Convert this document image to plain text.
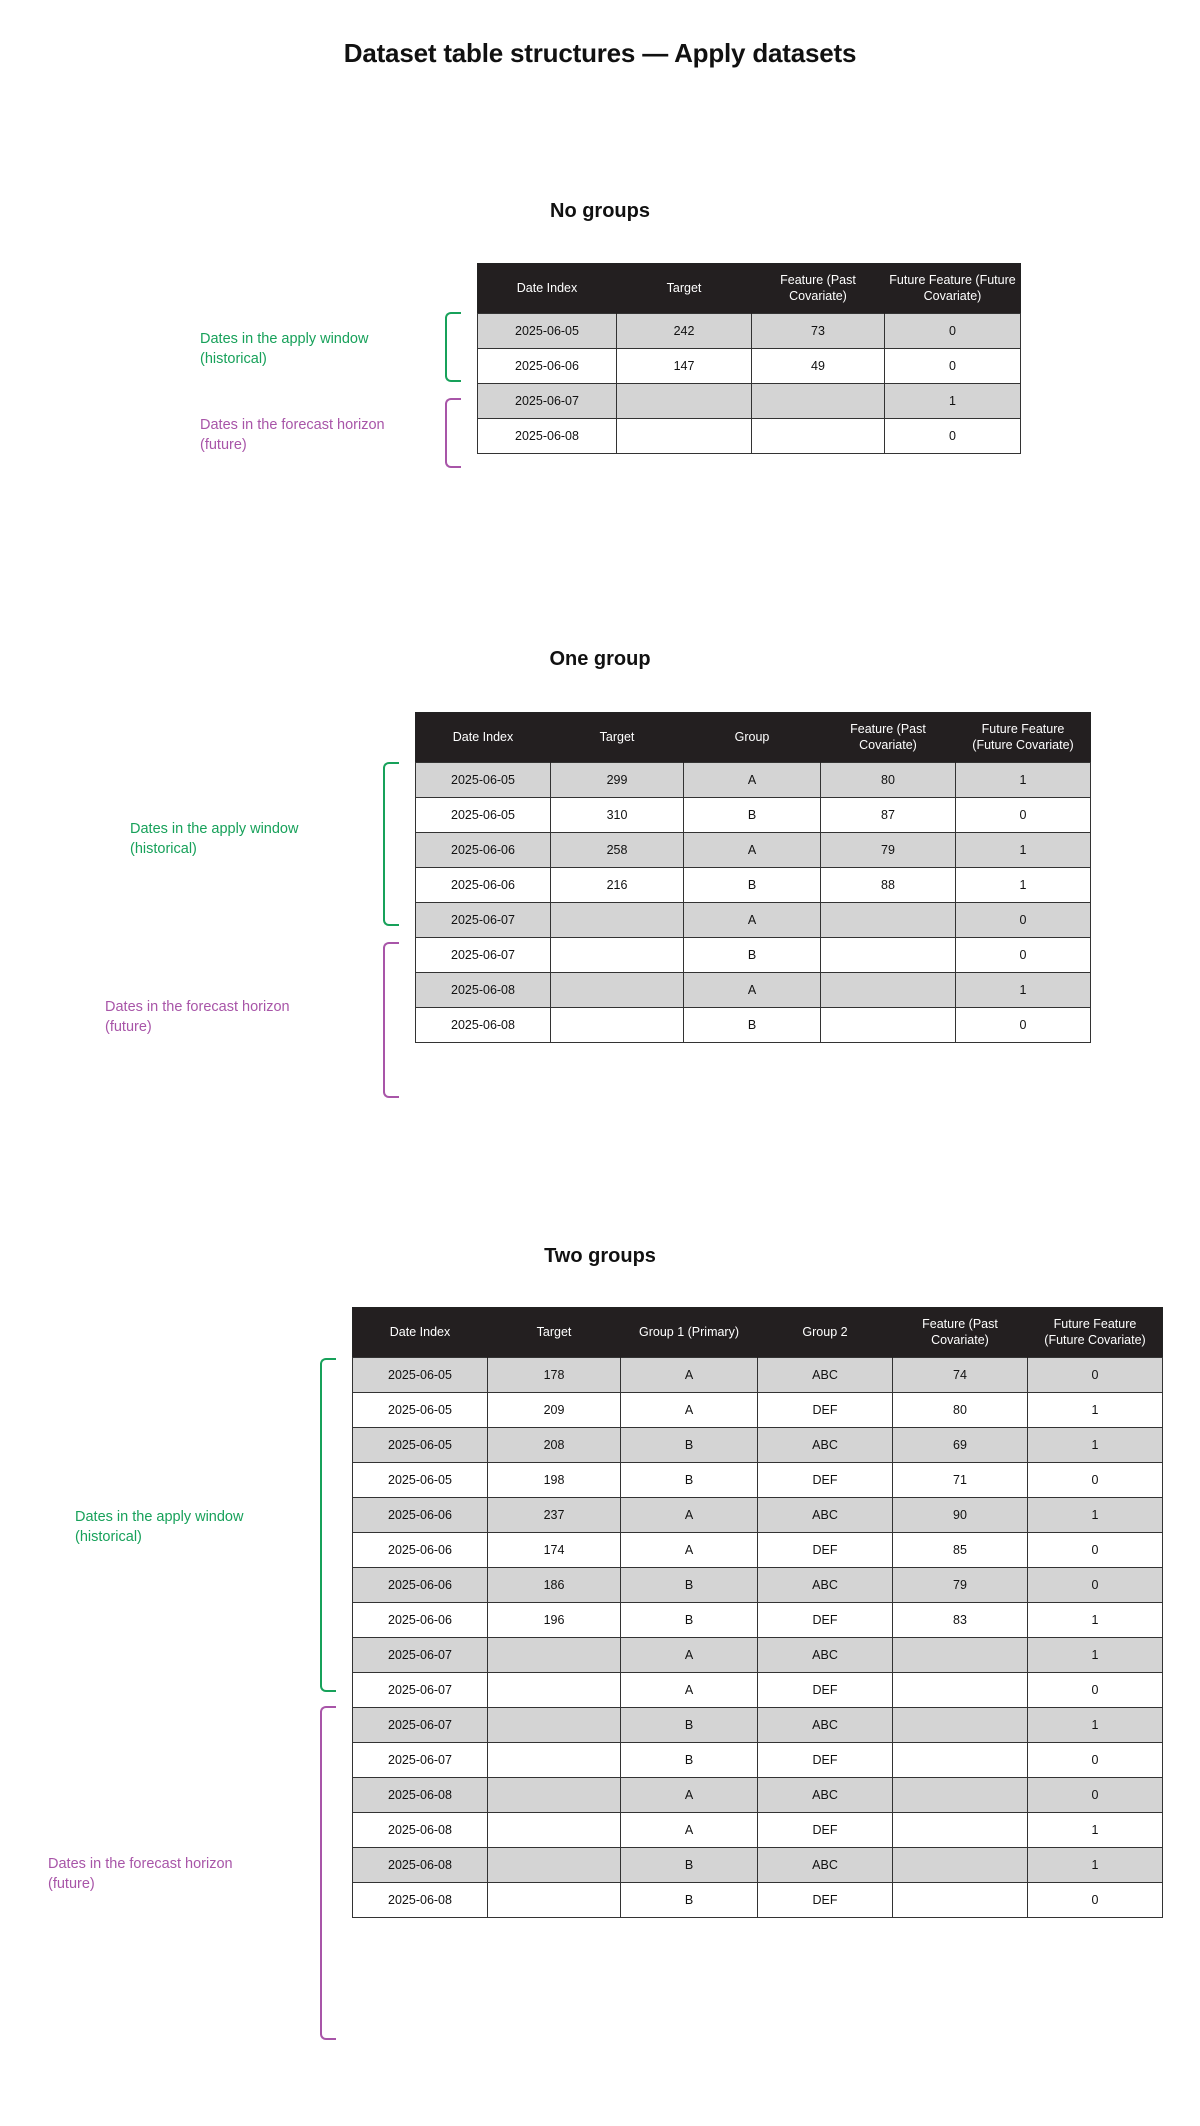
Dataset table structures — Apply datasets
No groups
Date Index	Target	Feature (Past Covariate)	Future Feature (Future Covariate)
2025-06-05	242	73	0
2025-06-06	147	49	0
2025-06-07			1
2025-06-08			0
Dates in the apply window
(historical)
Dates in the forecast horizon
(future)
One group
Date Index	Target	Group	Feature (Past Covariate)	Future Feature (Future Covariate)
2025-06-05	299	A	80	1
2025-06-05	310	B	87	0
2025-06-06	258	A	79	1
2025-06-06	216	B	88	1
2025-06-07		A		0
2025-06-07		B		0
2025-06-08		A		1
2025-06-08		B		0
Dates in the apply window
(historical)
Dates in the forecast horizon
(future)
Two groups
Date Index	Target	Group 1 (Primary)	Group 2	Feature (Past Covariate)	Future Feature (Future Covariate)
2025-06-05	178	A	ABC	74	0
2025-06-05	209	A	DEF	80	1
2025-06-05	208	B	ABC	69	1
2025-06-05	198	B	DEF	71	0
2025-06-06	237	A	ABC	90	1
2025-06-06	174	A	DEF	85	0
2025-06-06	186	B	ABC	79	0
2025-06-06	196	B	DEF	83	1
2025-06-07		A	ABC		1
2025-06-07		A	DEF		0
2025-06-07		B	ABC		1
2025-06-07		B	DEF		0
2025-06-08		A	ABC		0
2025-06-08		A	DEF		1
2025-06-08		B	ABC		1
2025-06-08		B	DEF		0
Dates in the apply window
(historical)
Dates in the forecast horizon
(future)
